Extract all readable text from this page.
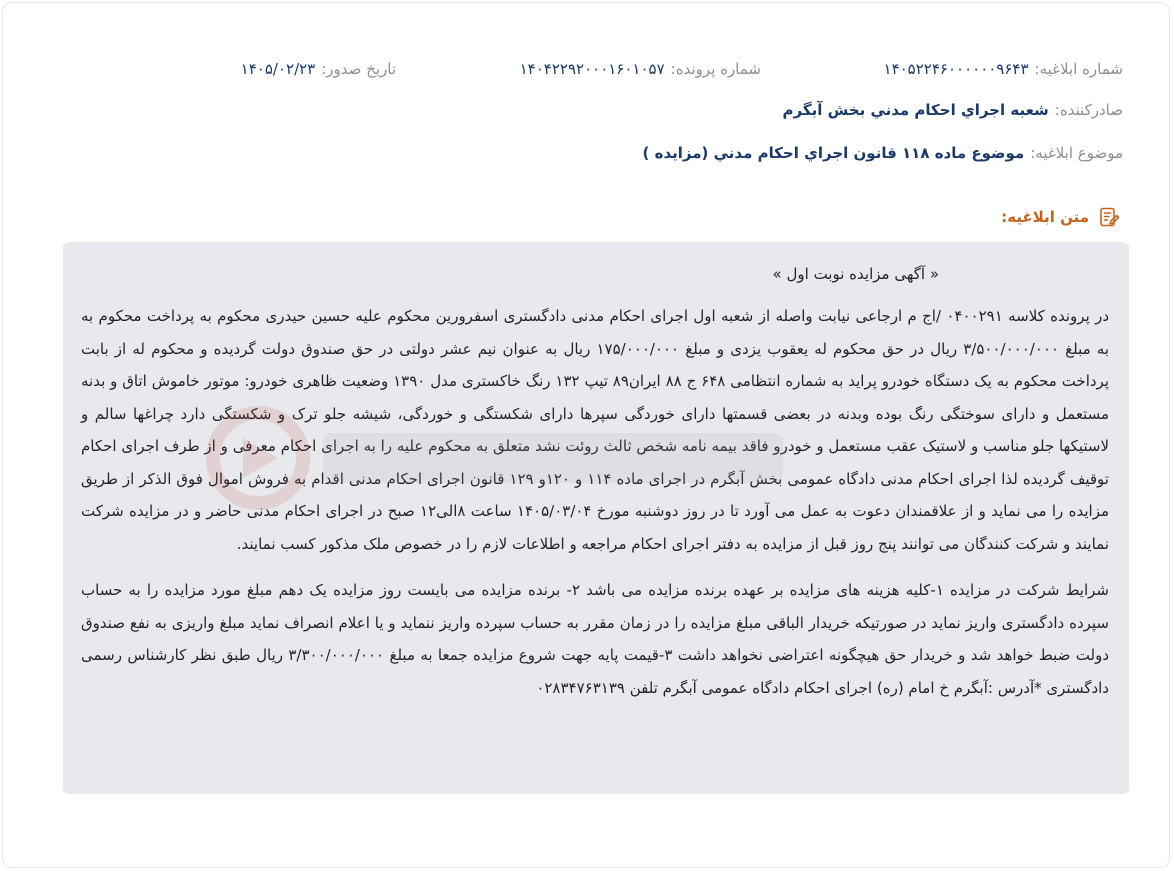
شماره ابلاغيه:
۱۴۰۵۲۲۴۶۰۰۰۰۰۰۹۶۴۳
شماره پرونده:
۱۴۰۴۲۲۹۲۰۰۰۱۶۰۱۰۵۷
تاريخ صدور:
۱۴۰۵/۰۲/۲۳
صادرکننده:
شعبه اجراي احکام مدني بخش آبگرم
موضوع ابلاغيه:
موضوع ماده ۱۱۸ قانون اجراي احکام مدني (مزايده )
متن ابلاغيه:
« آگهی مزایده نوبت اول »

در پرونده کلاسه ۰۴۰۰۲۹۱ /اج م ارجاعی نیابت واصله از شعبه اول اجرای احکام مدنی دادگستری اسفرورین محکوم علیه حسین حیدری محکوم به پرداخت محکوم به به مبلغ ۳/۵۰۰/۰۰۰/۰۰۰ ریال در حق محکوم له یعقوب یزدی و مبلغ ۱۷۵/۰۰۰/۰۰۰ ریال به عنوان نیم عشر دولتی در حق صندوق دولت گردیده و محکوم له از بابت پرداخت محکوم به یک دستگاه خودرو پراید به شماره انتظامی ۶۴۸ ج ۸۸ ایران۸۹ تیپ ۱۳۲ رنگ خاکستری مدل ۱۳۹۰ وضعیت ظاهری خودرو: موتور خاموش اتاق و بدنه مستعمل و دارای سوختگی رنگ بوده وبدنه در بعضی قسمتها دارای خوردگی سپرها دارای شکستگی و خوردگی، شیشه جلو ترک و شکستگی دارد چراغها سالم و لاستیکها جلو مناسب و لاستیک عقب مستعمل و خودرو فاقد بیمه نامه شخص ثالث روئت نشد متعلق به محکوم علیه را به اجرای احکام معرفی و از طرف اجرای احکام توقیف گردیده لذا اجرای احکام مدنی دادگاه عمومی بخش آبگرم در اجرای ماده ۱۱۴ و ۱۲۰و ۱۲۹ قانون اجرای احکام مدنی اقدام به فروش اموال فوق الذکر از طریق مزایده را می نماید و از علاقمندان دعوت به عمل می آورد تا در روز دوشنبه مورخ ۱۴۰۵/۰۳/۰۴ ساعت ۸الی۱۲ صبح در اجرای احکام مدنی حاضر و در مزایده شرکت نمایند و شرکت کنندگان می توانند پنج روز قبل از مزایده به دفتر اجرای احکام مراجعه و اطلاعات لازم را در خصوص ملک مذکور کسب نمایند.

شرایط شرکت در مزایده ۱-کلیه هزینه های مزایده بر عهده برنده مزایده می باشد ۲- برنده مزایده می بایست روز مزایده یک دهم مبلغ مورد مزایده را به حساب سپرده دادگستری واریز نماید در صورتیکه خریدار الباقی مبلغ مزایده را در زمان مقرر به حساب سپرده واریز ننماید و یا اعلام انصراف نماید مبلغ واریزی به نفع صندوق دولت ضبط خواهد شد و خریدار حق هیچگونه اعتراضی نخواهد داشت ۳-قیمت پایه جهت شروع مزایده جمعا به مبلغ ۳/۳۰۰/۰۰۰/۰۰۰ ریال طبق نظر کارشناس رسمی دادگستری *آدرس :آبگرم خ امام (ره) اجرای احکام دادگاه عمومی آبگرم تلفن ۰۲۸۳۴۷۶۳۱۳۹
